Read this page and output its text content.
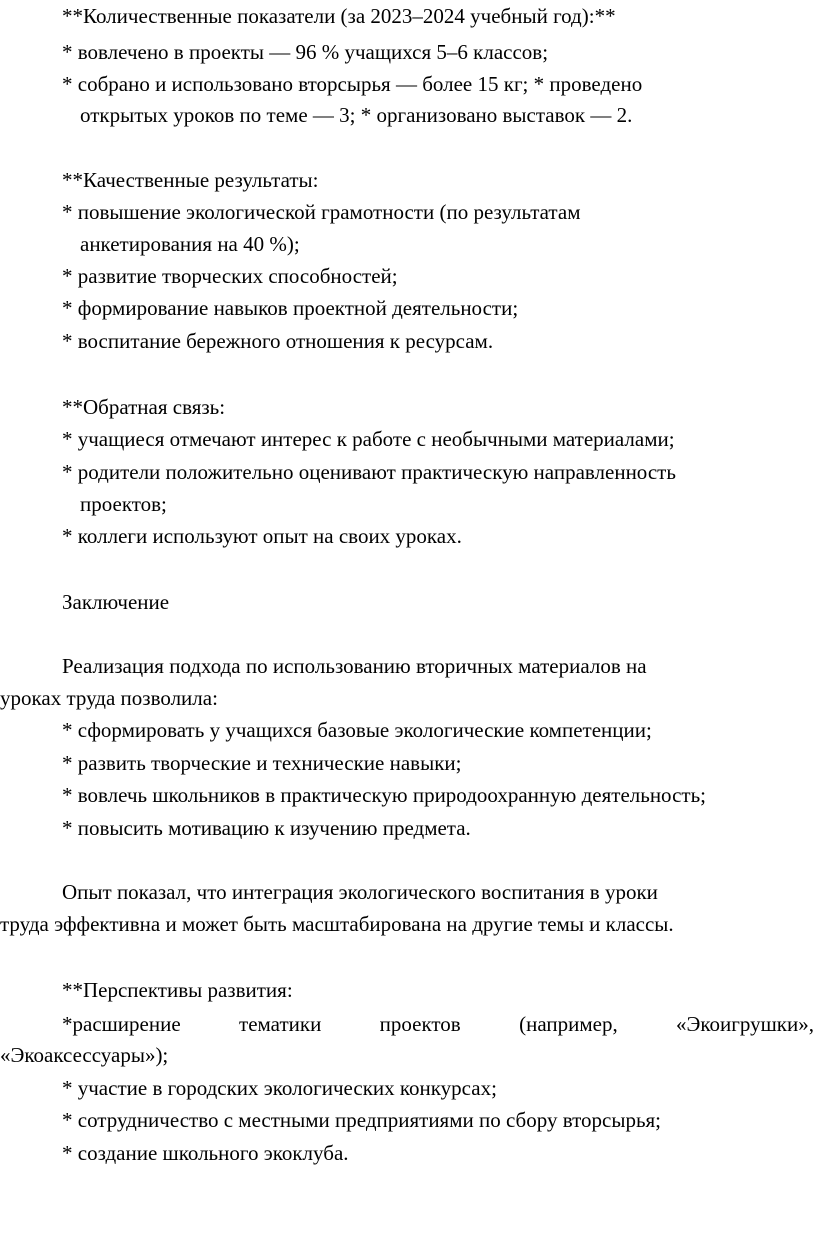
**Количественные показатели (за 2023–2024 учебный год):**
* вовлечено в проекты — 96 % учащихся 5–6 классов;
* собрано и использовано вторсырья — более 15 кг; * проведено
открытых уроков по теме — 3; * организовано выставок — 2.
**Качественные результаты:
* повышение экологической грамотности (по результатам
анкетирования на 40 %);
* развитие творческих способностей;
* формирование навыков проектной деятельности;
* воспитание бережного отношения к ресурсам.
**Обратная связь:
* учащиеся отмечают интерес к работе с необычными материалами;
* родители положительно оценивают практическую направленность
проектов;
* коллеги используют опыт на своих уроках.
Заключение
Реализация подхода по использованию вторичных материалов на
уроках труда позволила:
* сформировать у учащихся базовые экологические компетенции;
* развить творческие и технические навыки;
* вовлечь школьников в практическую природоохранную деятельность;
* повысить мотивацию к изучению предмета.
Опыт показал, что интеграция экологического воспитания в уроки
труда эффективна и может быть масштабирована на другие темы и классы.
**Перспективы развития:
*расширение тематики проектов (например, «Экоигрушки»,
«Экоаксессуары»);
* участие в городских экологических конкурсах;
* сотрудничество с местными предприятиями по сбору вторсырья;
* создание школьного экоклуба.
